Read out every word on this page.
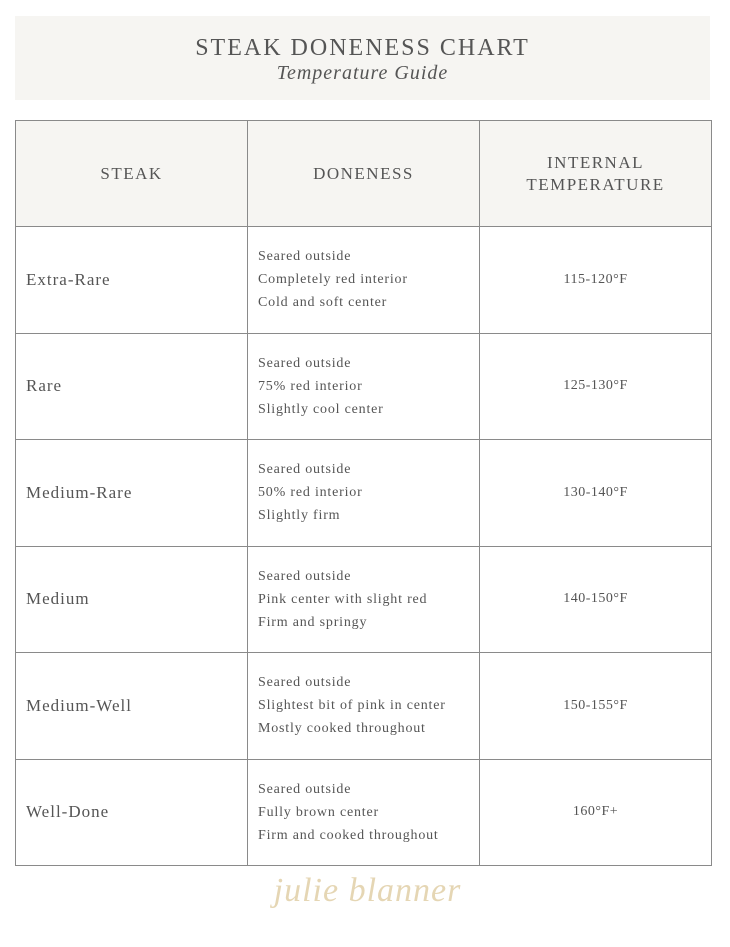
STEAK DONENESS CHART
Temperature Guide
STEAK	DONENESS	INTERNAL TEMPERATURE
Extra-Rare	Seared outside
Completely red interior
Cold and soft center	115-120°F
Rare	Seared outside
75% red interior
Slightly cool center	125-130°F
Medium-Rare	Seared outside
50% red interior
Slightly firm	130-140°F
Medium	Seared outside
Pink center with slight red
Firm and springy	140-150°F
Medium-Well	Seared outside
Slightest bit of pink in center
Mostly cooked throughout	150-155°F
Well-Done	Seared outside
Fully brown center
Firm and cooked throughout	160°F+
julie blanner
